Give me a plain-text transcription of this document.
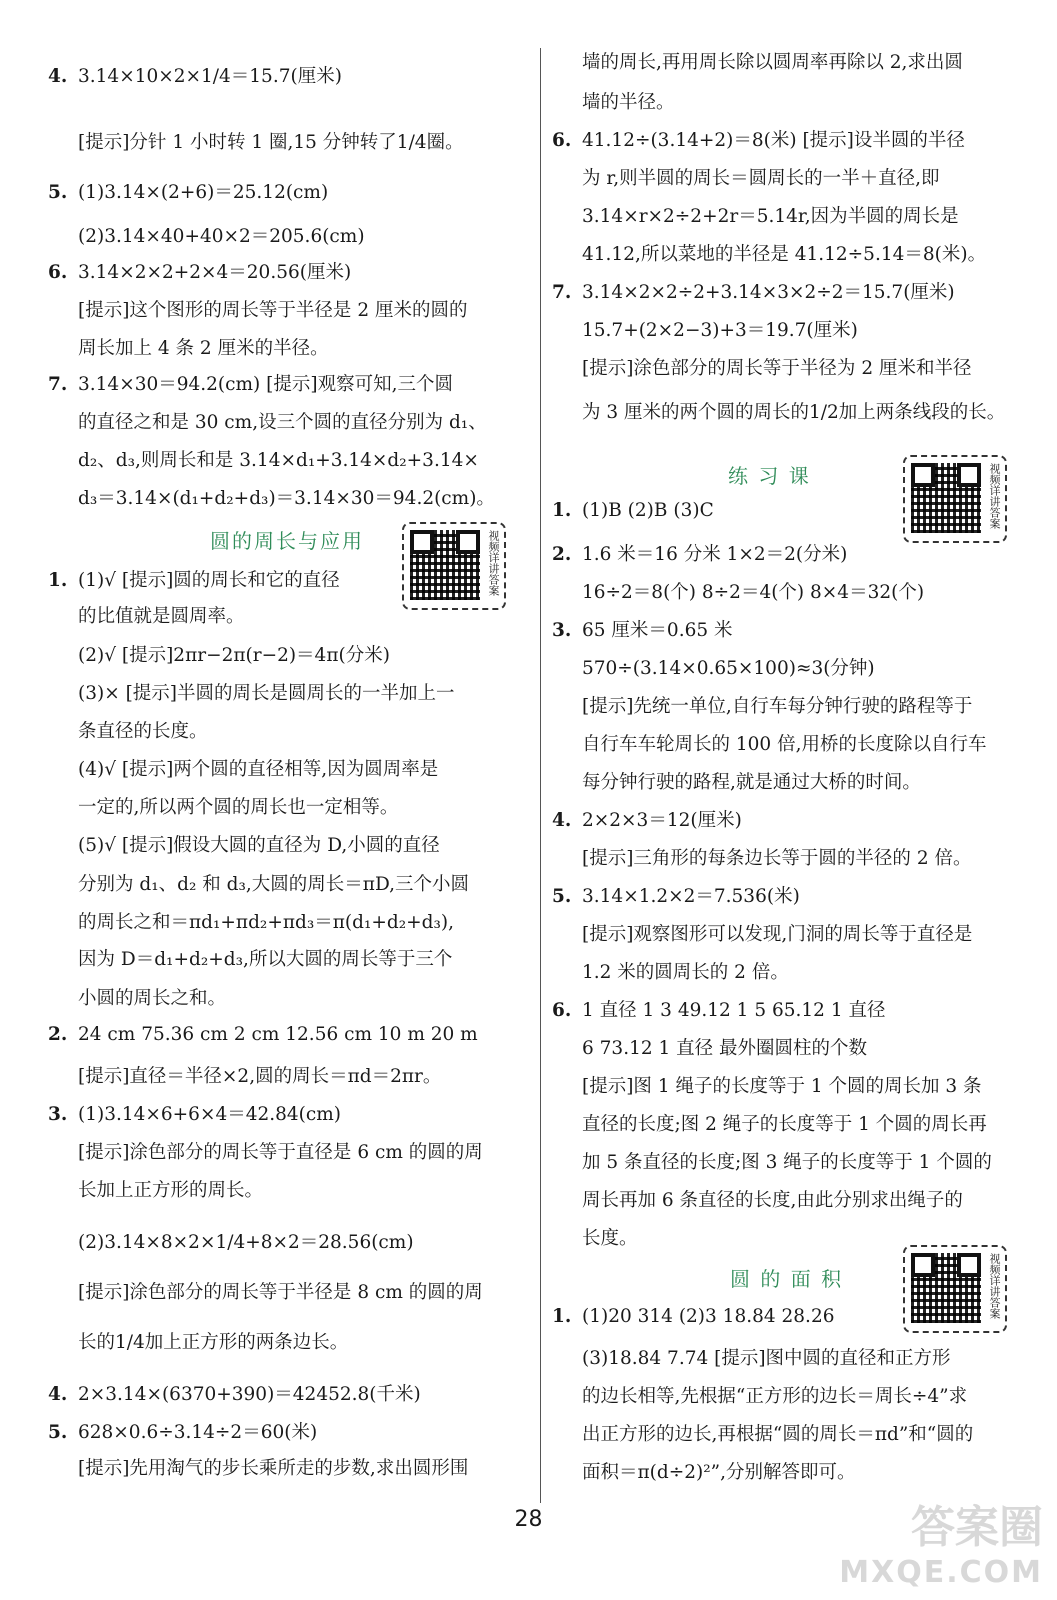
4. 3.14×10×2×1/4＝15.7(厘米)
[提示]分针 1 小时转 1 圈,15 分钟转了1/4圈。
5. (1)3.14×(2+6)＝25.12(cm)
(2)3.14×40+40×2＝205.6(cm)
6. 3.14×2×2+2×4＝20.56(厘米)
[提示]这个图形的周长等于半径是 2 厘米的圆的
周长加上 4 条 2 厘米的半径。
7. 3.14×30＝94.2(cm) [提示]观察可知,三个圆
的直径之和是 30 cm,设三个圆的直径分别为 d₁、
d₂、d₃,则周长和是 3.14×d₁+3.14×d₂+3.14×
d₃＝3.14×(d₁+d₂+d₃)＝3.14×30＝94.2(cm)。
1. (1)√ [提示]圆的周长和它的直径
的比值就是圆周率。
(2)√ [提示]2πr−2π(r−2)＝4π(分米)
(3)× [提示]半圆的周长是圆周长的一半加上一
条直径的长度。
(4)√ [提示]两个圆的直径相等,因为圆周率是
一定的,所以两个圆的周长也一定相等。
(5)√ [提示]假设大圆的直径为 D,小圆的直径
分别为 d₁、d₂ 和 d₃,大圆的周长＝πD,三个小圆
的周长之和＝πd₁+πd₂+πd₃＝π(d₁+d₂+d₃),
因为 D＝d₁+d₂+d₃,所以大圆的周长等于三个
小圆的周长之和。
2. 24 cm 75.36 cm 2 cm 12.56 cm 10 m 20 m
[提示]直径＝半径×2,圆的周长＝πd＝2πr。
3. (1)3.14×6+6×4＝42.84(cm)
[提示]涂色部分的周长等于直径是 6 cm 的圆的周
长加上正方形的周长。
(2)3.14×8×2×1/4+8×2＝28.56(cm)
[提示]涂色部分的周长等于半径是 8 cm 的圆的周
长的1/4加上正方形的两条边长。
4. 2×3.14×(6370+390)＝42452.8(千米)
5. 628×0.6÷3.14÷2＝60(米)
[提示]先用淘气的步长乘所走的步数,求出圆形围
墙的周长,再用周长除以圆周率再除以 2,求出圆
墙的半径。
6. 41.12÷(3.14+2)＝8(米) [提示]设半圆的半径
为 r,则半圆的周长＝圆周长的一半＋直径,即
3.14×r×2÷2+2r＝5.14r,因为半圆的周长是
41.12,所以菜地的半径是 41.12÷5.14＝8(米)。
7. 3.14×2×2÷2+3.14×3×2÷2＝15.7(厘米)
15.7+(2×2−3)+3＝19.7(厘米)
[提示]涂色部分的周长等于半径为 2 厘米和半径
为 3 厘米的两个圆的周长的1/2加上两条线段的长。
1. (1)B (2)B (3)C
2. 1.6 米＝16 分米 1×2＝2(分米)
16÷2＝8(个) 8÷2＝4(个) 8×4＝32(个)
3. 65 厘米＝0.65 米
570÷(3.14×0.65×100)≈3(分钟)
[提示]先统一单位,自行车每分钟行驶的路程等于
自行车车轮周长的 100 倍,用桥的长度除以自行车
每分钟行驶的路程,就是通过大桥的时间。
4. 2×2×3＝12(厘米)
[提示]三角形的每条边长等于圆的半径的 2 倍。
5. 3.14×1.2×2＝7.536(米)
[提示]观察图形可以发现,门洞的周长等于直径是
1.2 米的圆周长的 2 倍。
6. 1 直径 1 3 49.12 1 5 65.12 1 直径
6 73.12 1 直径 最外圈圆柱的个数
[提示]图 1 绳子的长度等于 1 个圆的周长加 3 条
直径的长度;图 2 绳子的长度等于 1 个圆的周长再
加 5 条直径的长度;图 3 绳子的长度等于 1 个圆的
周长再加 6 条直径的长度,由此分别求出绳子的
长度。
1. (1)20 314 (2)3 18.84 28.26
(3)18.84 7.74 [提示]图中圆的直径和正方形
的边长相等,先根据“正方形的边长＝周长÷4”求
出正方形的边长,再根据“圆的周长＝πd”和“圆的
面积＝π(d÷2)²”,分别解答即可。
圆的周长与应用
练 习 课
圆 的 面 积
视频详讲答案
视频详讲答案
视频详讲答案
28	答案圈
MXQE.COM
